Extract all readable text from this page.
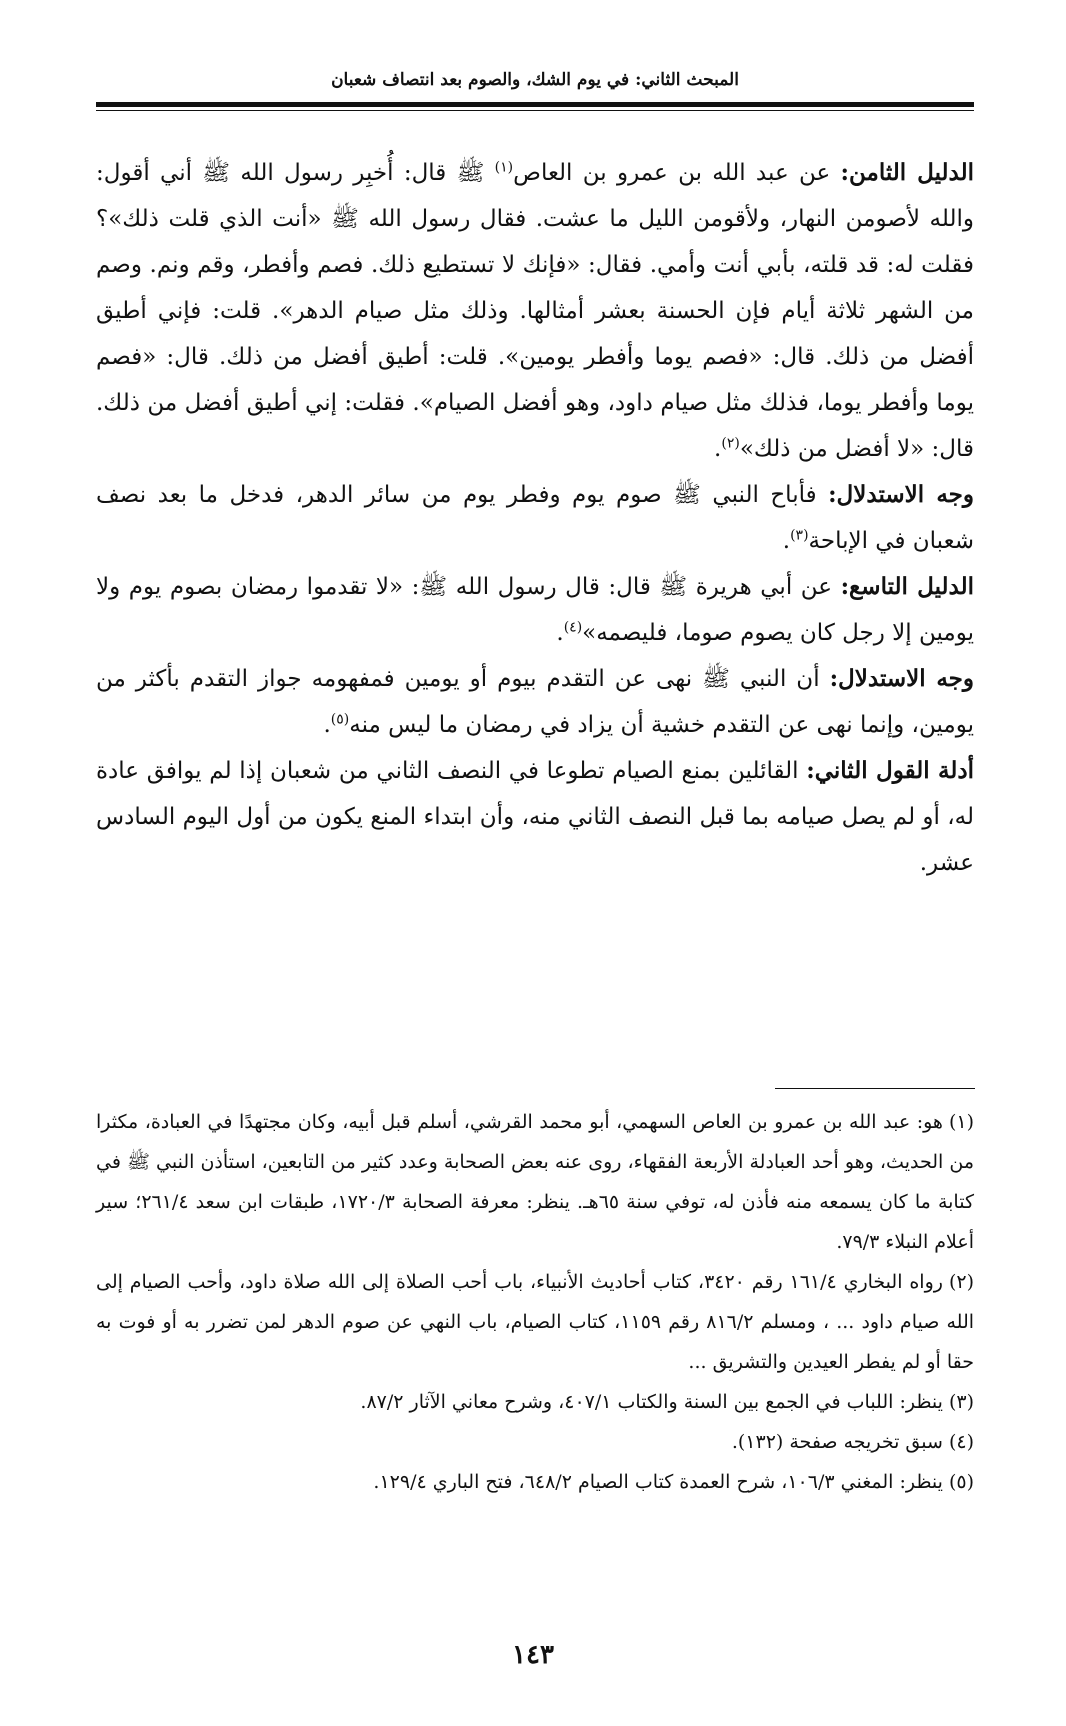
المبحث الثاني: في يوم الشك، والصوم بعد انتصاف شعبان

الدليل الثامن: عن عبد الله بن عمرو بن العاص$^{(١)}$ ﷺ قال: أُخبِر رسول الله ﷺ أني أقول: والله لأصومن النهار، ولأقومن الليل ما عشت. فقال رسول الله ﷺ «أنت الذي قلت ذلك»؟ فقلت له: قد قلته، بأبي أنت وأمي. فقال: «فإنك لا تستطيع ذلك. فصم وأفطر، وقم ونم. وصم من الشهر ثلاثة أيام فإن الحسنة بعشر أمثالها. وذلك مثل صيام الدهر». قلت: فإني أطيق أفضل من ذلك. قال: «فصم يوما وأفطر يومين». قلت: أطيق أفضل من ذلك. قال: «فصم يوما وأفطر يوما، فذلك مثل صيام داود، وهو أفضل الصيام». فقلت: إني أطيق أفضل من ذلك. قال: «لا أفضل من ذلك»$^{(٢)}$.

وجه الاستدلال: فأباح النبي ﷺ صوم يوم وفطر يوم من سائر الدهر، فدخل ما بعد نصف شعبان في الإباحة$^{(٣)}$.

الدليل التاسع: عن أبي هريرة ﷺ قال: قال رسول الله ﷺ: «لا تقدموا رمضان بصوم يوم ولا يومين إلا رجل كان يصوم صوما، فليصمه»$^{(٤)}$.

وجه الاستدلال: أن النبي ﷺ نهى عن التقدم بيوم أو يومين فمفهومه جواز التقدم بأكثر من يومين، وإنما نهى عن التقدم خشية أن يزاد في رمضان ما ليس منه$^{(٥)}$.

أدلة القول الثاني: القائلين بمنع الصيام تطوعا في النصف الثاني من شعبان إذا لم يوافق عادة له، أو لم يصل صيامه بما قبل النصف الثاني منه، وأن ابتداء المنع يكون من أول اليوم السادس عشر.

(١)هو: عبد الله بن عمرو بن العاص السهمي، أبو محمد القرشي، أسلم قبل أبيه، وكان مجتهدًا في العبادة، مكثرا من الحديث، وهو أحد العبادلة الأربعة الفقهاء، روى عنه بعض الصحابة وعدد كثير من التابعين، استأذن النبي ﷺ في كتابة ما كان يسمعه منه فأذن له، توفي سنة ٦٥هـ. ينظر: معرفة الصحابة ١٧٢٠/٣، طبقات ابن سعد ٢٦١/٤؛ سير أعلام النبلاء ٧٩/٣.

(٢)رواه البخاري ١٦١/٤ رقم ٣٤٢٠، كتاب أحاديث الأنبياء، باب أحب الصلاة إلى الله صلاة داود، وأحب الصيام إلى الله صيام داود ... ، ومسلم ٨١٦/٢ رقم ١١٥٩، كتاب الصيام، باب النهي عن صوم الدهر لمن تضرر به أو فوت به حقا أو لم يفطر العيدين والتشريق ...

(٣)ينظر: اللباب في الجمع بين السنة والكتاب ٤٠٧/١، وشرح معاني الآثار ٨٧/٢.

(٤)سبق تخريجه صفحة (١٣٢).

(٥)ينظر: المغني ١٠٦/٣، شرح العمدة كتاب الصيام ٦٤٨/٢، فتح الباري ١٢٩/٤.

١٤٣
